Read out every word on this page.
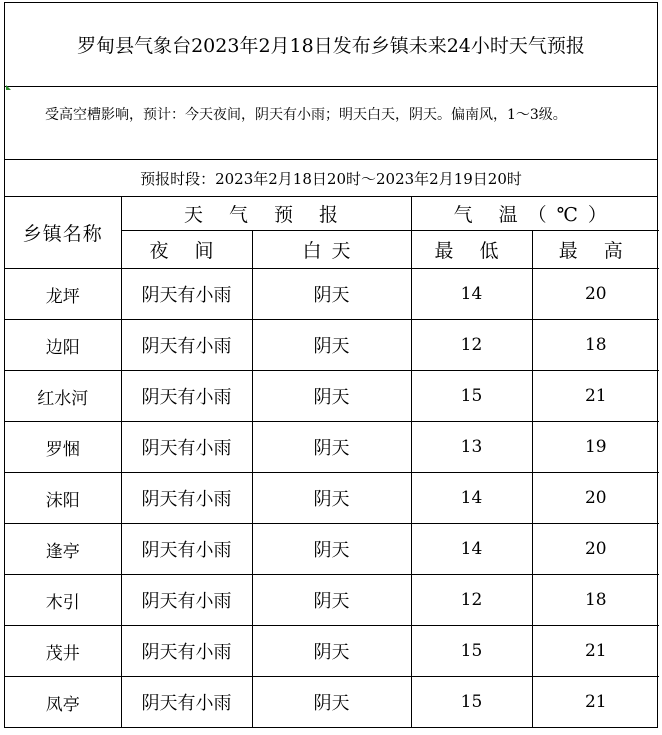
罗甸县气象台2023年2月18日发布乡镇未来24小时天气预报
受高空槽影响，预计：今天夜间，阴天有小雨；明天白天，阴天。偏南风，1～3级。
预报时段：2023年2月18日20时～2023年2月19日20时
乡镇名称	天 气 预 报		气 温（℃）	
	夜 间	白天	最 低	最 高
龙坪	阴天有小雨	阴天	14	20
边阳	阴天有小雨	阴天	12	18
红水河	阴天有小雨	阴天	15	21
罗悃	阴天有小雨	阴天	13	19
沫阳	阴天有小雨	阴天	14	20
逢亭	阴天有小雨	阴天	14	20
木引	阴天有小雨	阴天	12	18
茂井	阴天有小雨	阴天	15	21
凤亭	阴天有小雨	阴天	15	21
